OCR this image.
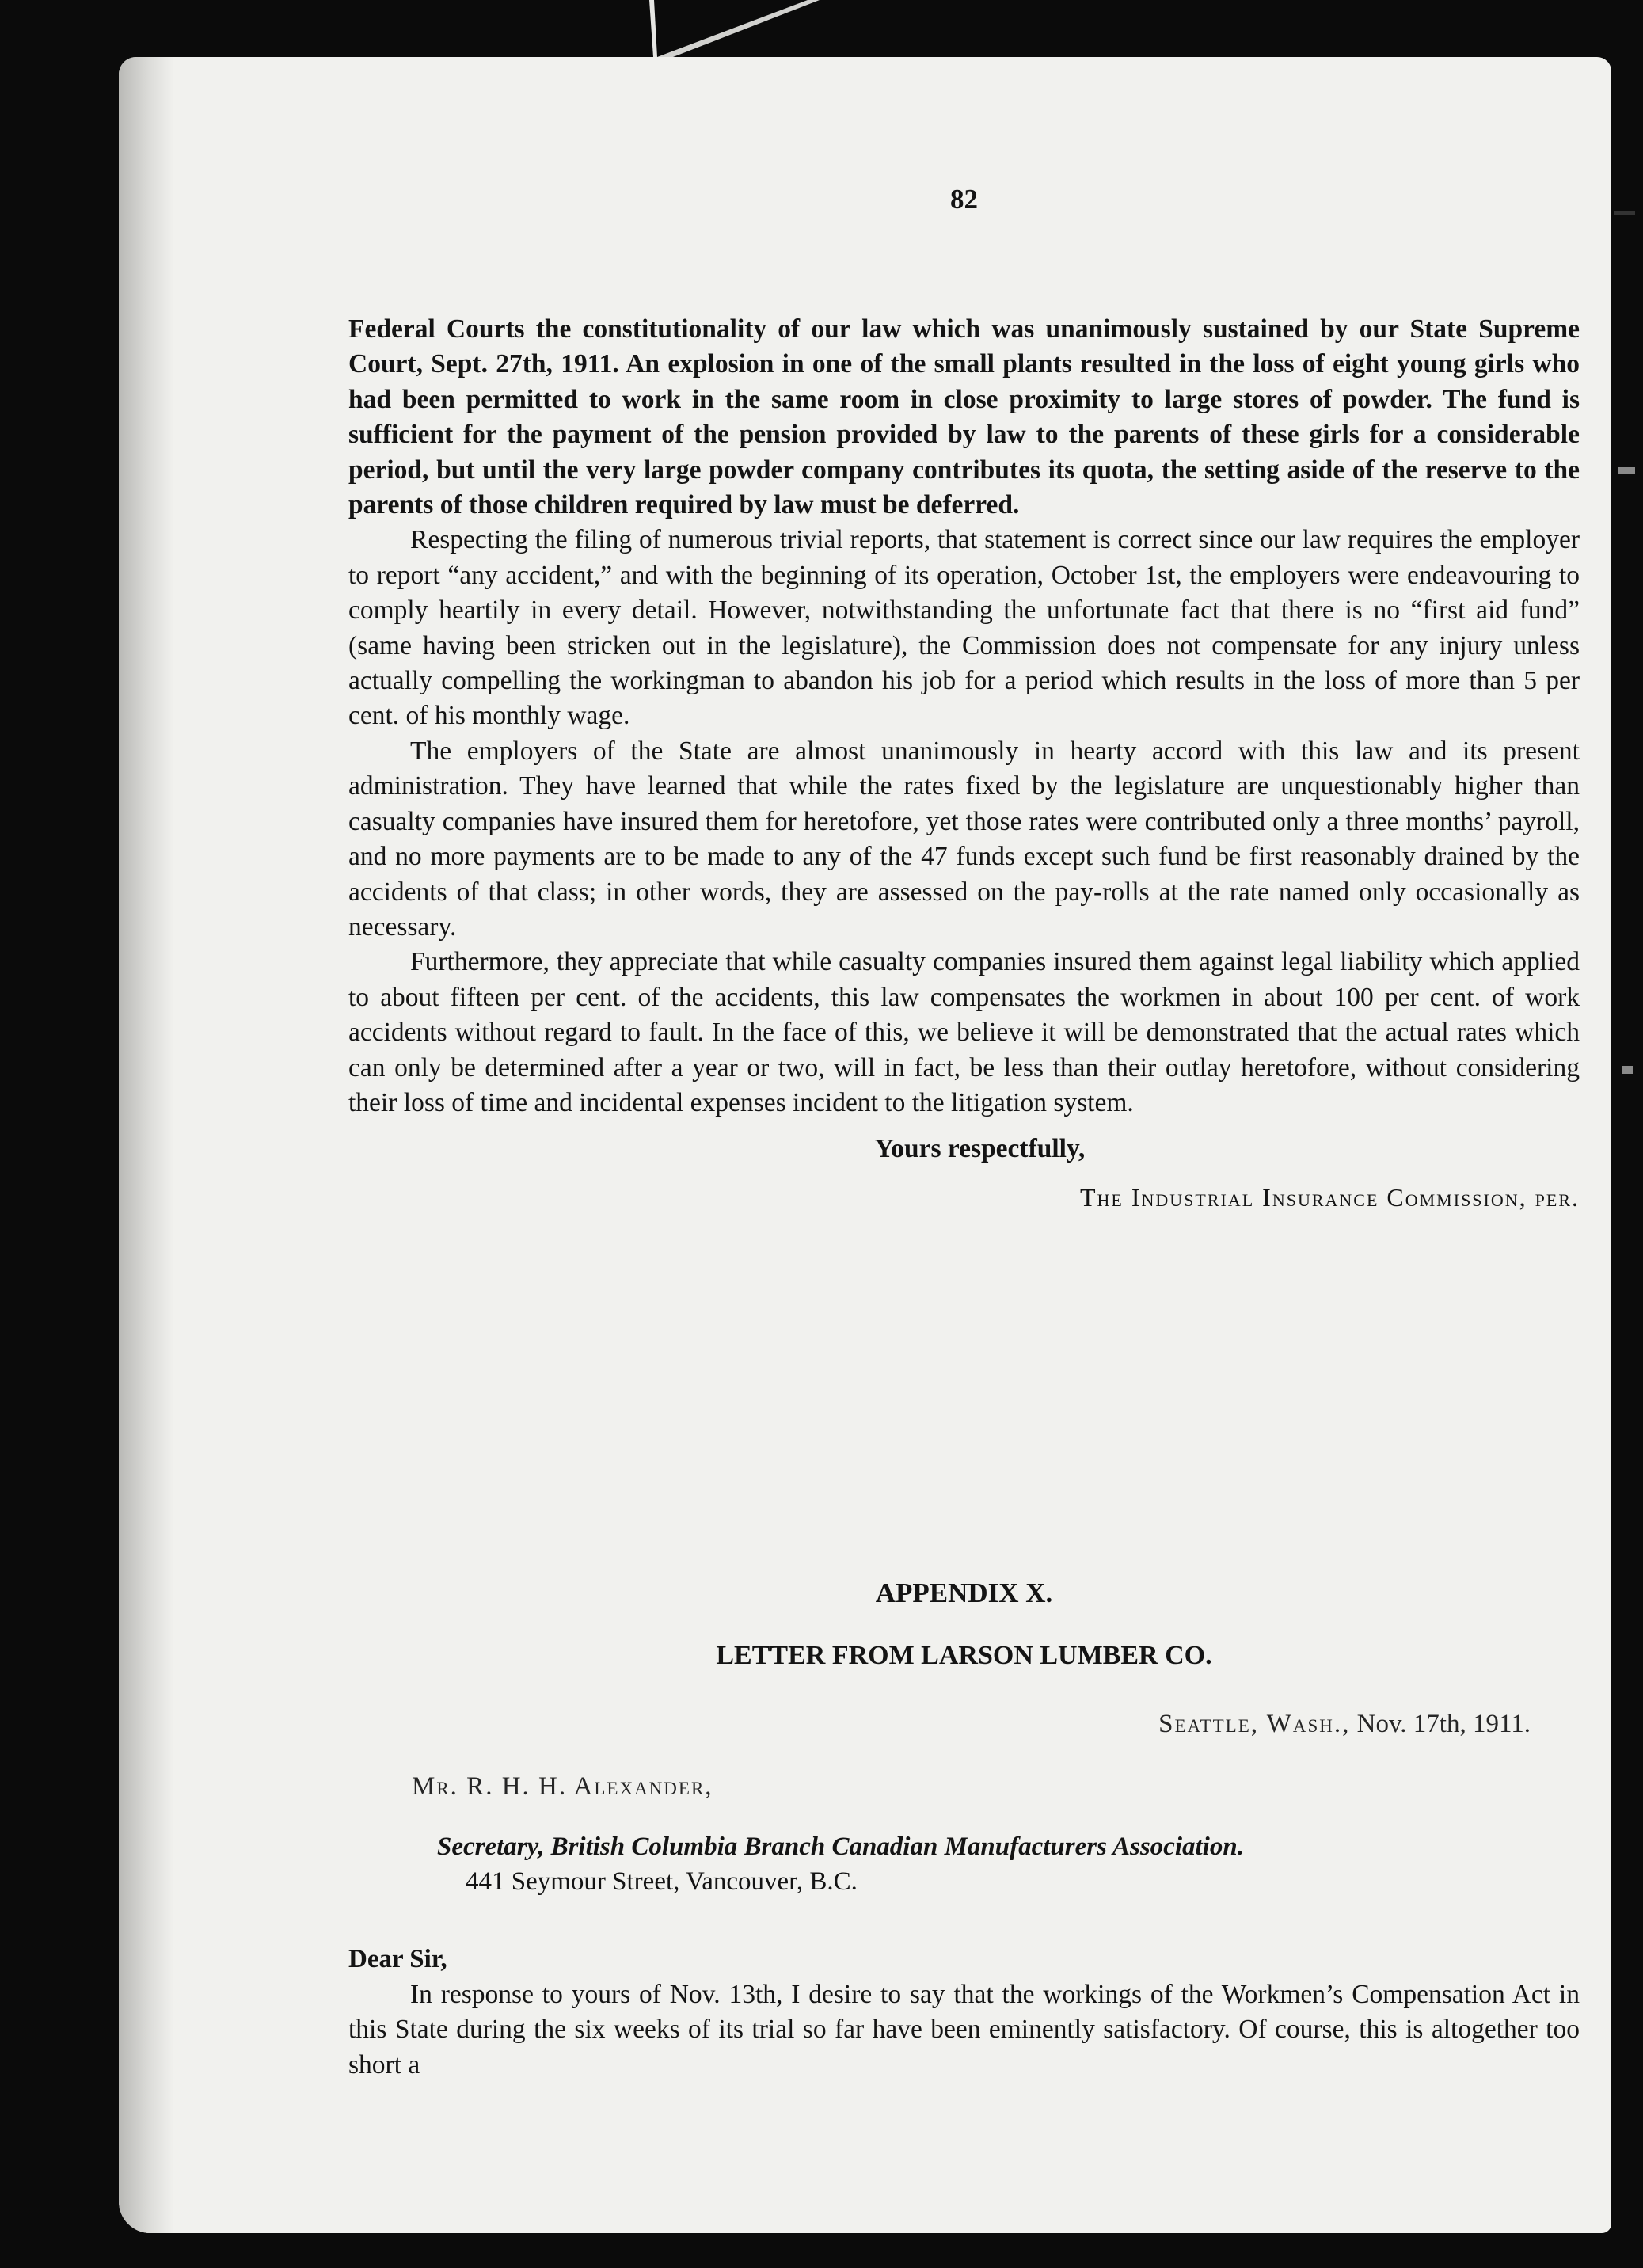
82

Federal Courts the constitutionality of our law which was unanimously sustained by our State Supreme Court, Sept. 27th, 1911. An explosion in one of the small plants resulted in the loss of eight young girls who had been permitted to work in the same room in close proximity to large stores of powder. The fund is sufficient for the payment of the pension provided by law to the parents of these girls for a considerable period, but until the very large powder company contributes its quota, the setting aside of the reserve to the parents of those children required by law must be deferred.

Respecting the filing of numerous trivial reports, that statement is correct since our law requires the employer to report “any accident,” and with the beginning of its operation, October 1st, the employers were endeavouring to comply heartily in every detail. However, notwithstanding the unfortunate fact that there is no “first aid fund” (same having been stricken out in the legislature), the Commission does not compensate for any injury unless actually compelling the workingman to abandon his job for a period which results in the loss of more than 5 per cent. of his monthly wage.

The employers of the State are almost unanimously in hearty accord with this law and its present administration. They have learned that while the rates fixed by the legislature are unquestionably higher than casualty companies have insured them for heretofore, yet those rates were contributed only a three months’ payroll, and no more payments are to be made to any of the 47 funds except such fund be first reasonably drained by the accidents of that class; in other words, they are assessed on the pay-rolls at the rate named only occasionally as necessary.

Furthermore, they appreciate that while casualty companies insured them against legal liability which applied to about fifteen per cent. of the accidents, this law compensates the workmen in about 100 per cent. of work accidents without regard to fault. In the face of this, we believe it will be demonstrated that the actual rates which can only be determined after a year or two, will in fact, be less than their outlay heretofore, without considering their loss of time and incidental expenses incident to the litigation system.

Yours respectfully,
The Industrial Insurance Commission, per.
APPENDIX X.
LETTER FROM LARSON LUMBER CO.
Seattle, Wash., Nov. 17th, 1911.
Mr. R. H. H. Alexander,
Secretary, British Columbia Branch Canadian Manufacturers Association.
441 Seymour Street, Vancouver, B.C.
Dear Sir,

In response to yours of Nov. 13th, I desire to say that the workings of the Workmen’s Compensation Act in this State during the six weeks of its trial so far have been eminently satisfactory. Of course, this is altogether too short a
